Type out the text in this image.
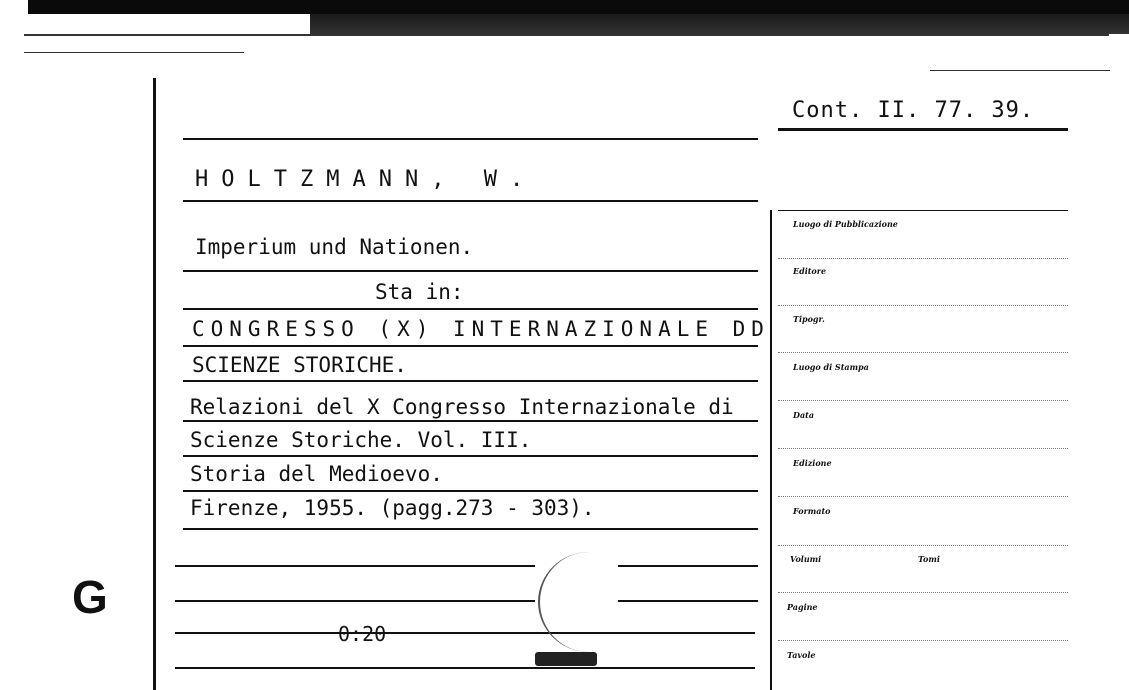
G
Cont. II. 77. 39.
HOLTZMANN, W.
Imperium und Nationen.
Sta in:
CONGRESSO (X) INTERNAZIONALE DD
SCIENZE STORICHE.
Relazioni del X Congresso Internazionale di
Scienze Storiche. Vol. III.
Storia del Medioevo.
Firenze, 1955. (pagg.273 - 303).
0:20
Luogo di Pubblicazione
Editore
Tipogr.
Luogo di Stampa
Data
Edizione
Formato
Volumi	Tomi
Pagine
Tavole
